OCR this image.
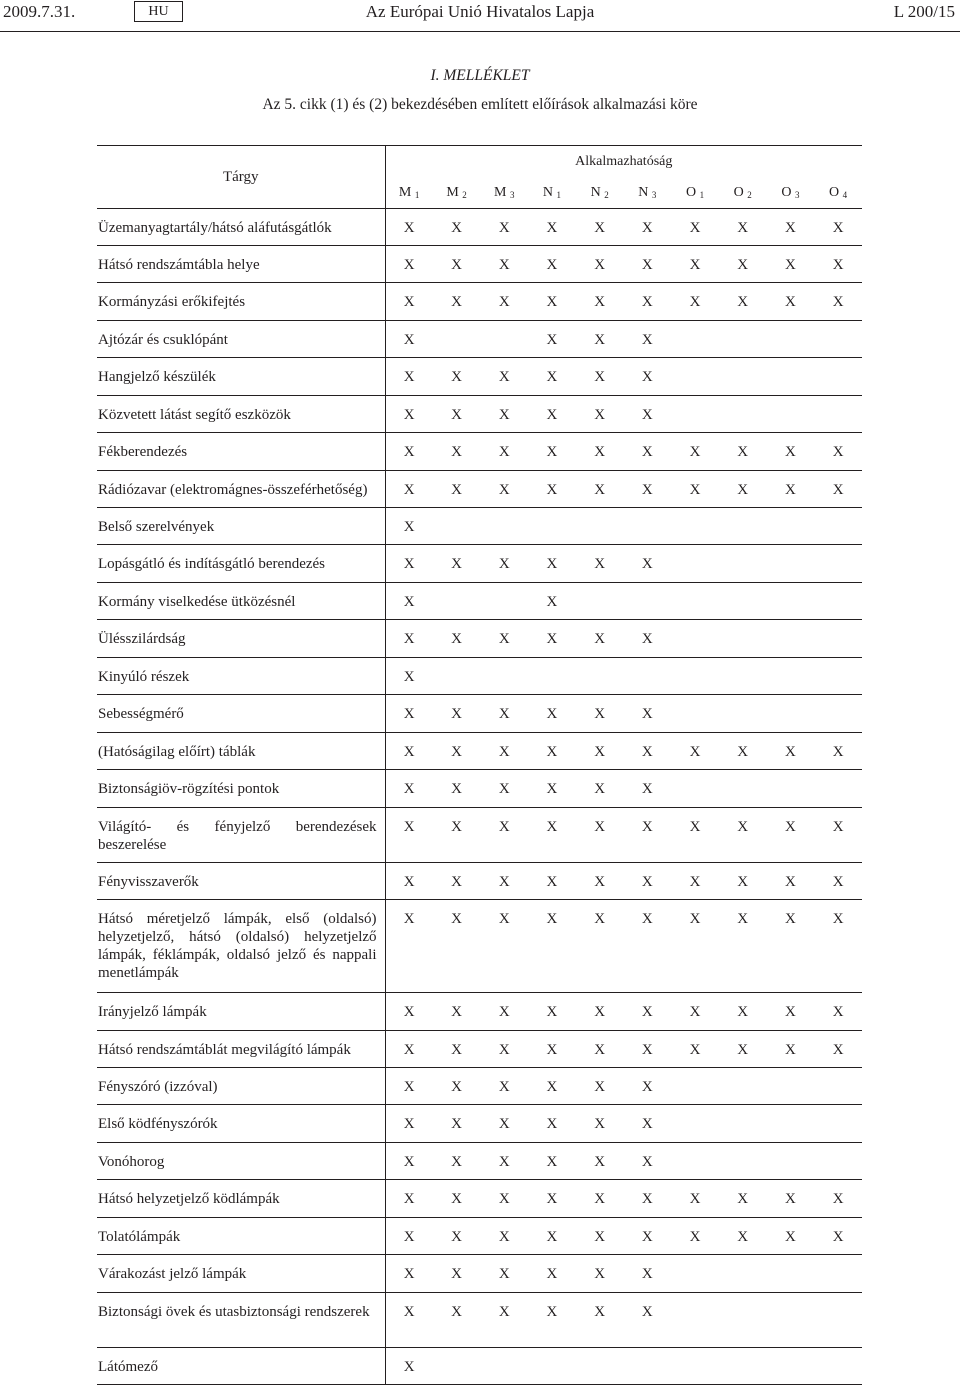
2009.7.31.	HU	Az Európai Unió Hivatalos Lapja	L 200/15
I. MELLÉKLET
Az 5. cikk (1) és (2) bekezdésében említett előírások alkalmazási köre
Tárgy	Alkalmazhatóság									
	M $_1$	M $_2$	M $_3$	N $_1$	N $_2$	N $_3$	O $_1$	O $_2$	O $_3$	O $_4$
Üzemanyagtartály/hátsó aláfutásgátlók	X	X	X	X	X	X	X	X	X	X
Hátsó rendszámtábla helye	X	X	X	X	X	X	X	X	X	X
Kormányzási erőkifejtés	X	X	X	X	X	X	X	X	X	X
Ajtózár és csuklópánt	X			X	X	X				
Hangjelző készülék	X	X	X	X	X	X				
Közvetett látást segítő eszközök	X	X	X	X	X	X				
Fékberendezés	X	X	X	X	X	X	X	X	X	X
Rádiózavar (elektromágnes-összeférhetőség)	X	X	X	X	X	X	X	X	X	X
Belső szerelvények	X									
Lopásgátló és indításgátló berendezés	X	X	X	X	X	X				
Kormány viselkedése ütközésnél	X			X						
Ülésszilárdság	X	X	X	X	X	X				
Kinyúló részek	X									
Sebességmérő	X	X	X	X	X	X				
(Hatóságilag előírt) táblák	X	X	X	X	X	X	X	X	X	X
Biztonságiöv-rögzítési pontok	X	X	X	X	X	X				
Világító- és fényjelző berendezések beszerelése	X	X	X	X	X	X	X	X	X	X
Fényvisszaverők	X	X	X	X	X	X	X	X	X	X
Hátsó méretjelző lámpák, első (oldalsó) helyzetjelző, hátsó (oldalsó) helyzetjelző lámpák, féklámpák, oldalsó jelző és nappali menetlámpák	X	X	X	X	X	X	X	X	X	X
Irányjelző lámpák	X	X	X	X	X	X	X	X	X	X
Hátsó rendszámtáblát megvilágító lámpák	X	X	X	X	X	X	X	X	X	X
Fényszóró (izzóval)	X	X	X	X	X	X				
Első ködfényszórók	X	X	X	X	X	X				
Vonóhorog	X	X	X	X	X	X				
Hátsó helyzetjelző ködlámpák	X	X	X	X	X	X	X	X	X	X
Tolatólámpák	X	X	X	X	X	X	X	X	X	X
Várakozást jelző lámpák	X	X	X	X	X	X				
Biztonsági övek és utasbiztonsági rendszerek	X	X	X	X	X	X				
Látómező	X									
